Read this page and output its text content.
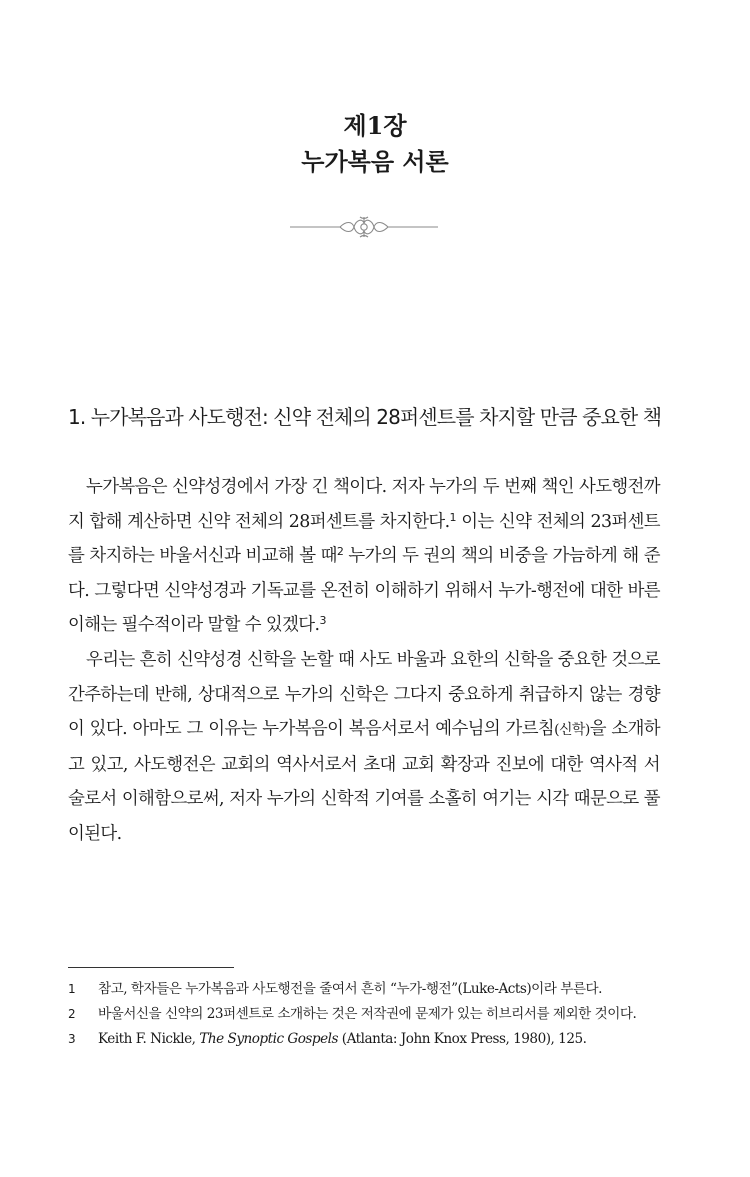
제1장
누가복음 서론
1. 누가복음과 사도행전: 신약 전체의 28퍼센트를 차지할 만큼 중요한 책

누가복음은 신약성경에서 가장 긴 책이다. 저자 누가의 두 번째 책인 사도행전까지 합해 계산하면 신약 전체의 28퍼센트를 차지한다.$^1$ 이는 신약 전체의 23퍼센트를 차지하는 바울서신과 비교해 볼 때$^2$ 누가의 두 권의 책의 비중을 가늠하게 해 준다. 그렇다면 신약성경과 기독교를 온전히 이해하기 위해서 누가-행전에 대한 바른 이해는 필수적이라 말할 수 있겠다.$^3$

우리는 흔히 신약성경 신학을 논할 때 사도 바울과 요한의 신학을 중요한 것으로 간주하는데 반해, 상대적으로 누가의 신학은 그다지 중요하게 취급하지 않는 경향이 있다. 아마도 그 이유는 누가복음이 복음서로서 예수님의 가르침(신학)을 소개하고 있고, 사도행전은 교회의 역사서로서 초대 교회 확장과 진보에 대한 역사적 서술로서 이해함으로써, 저자 누가의 신학적 기여를 소홀히 여기는 시각 때문으로 풀이된다.

1 참고, 학자들은 누가복음과 사도행전을 줄여서 흔히 “누가-행전”(Luke-Acts)이라 부른다.
2 바울서신을 신약의 23퍼센트로 소개하는 것은 저작권에 문제가 있는 히브리서를 제외한 것이다.
3 Keith F. Nickle, The Synoptic Gospels (Atlanta: John Knox Press, 1980), 125.
